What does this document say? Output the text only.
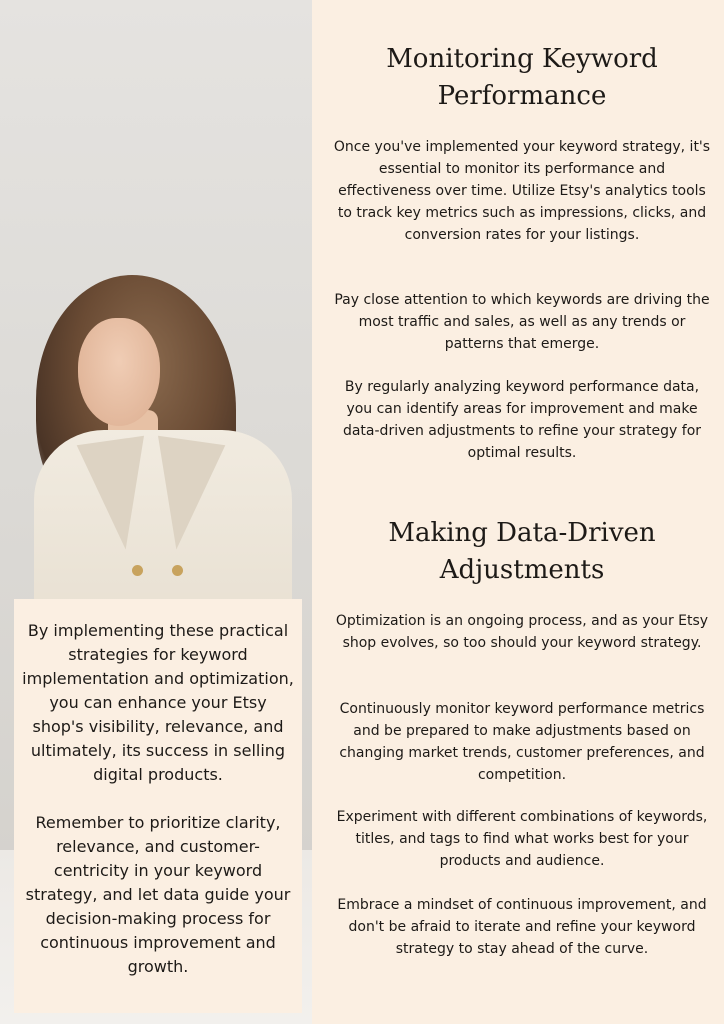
By implementing these practical strategies for keyword implementation and optimization, you can enhance your Etsy shop's visibility, relevance, and ultimately, its success in selling digital products.

Remember to prioritize clarity, relevance, and customer-centricity in your keyword strategy, and let data guide your decision-making process for continuous improvement and growth.

Monitoring Keyword Performance

Once you've implemented your keyword strategy, it's essential to monitor its performance and effectiveness over time. Utilize Etsy's analytics tools to track key metrics such as impressions, clicks, and conversion rates for your listings.

Pay close attention to which keywords are driving the most traffic and sales, as well as any trends or patterns that emerge.

By regularly analyzing keyword performance data, you can identify areas for improvement and make data-driven adjustments to refine your strategy for optimal results.

Making Data-Driven Adjustments

Optimization is an ongoing process, and as your Etsy shop evolves, so too should your keyword strategy.

Continuously monitor keyword performance metrics and be prepared to make adjustments based on changing market trends, customer preferences, and competition.

Experiment with different combinations of keywords, titles, and tags to find what works best for your products and audience.

Embrace a mindset of continuous improvement, and don't be afraid to iterate and refine your keyword strategy to stay ahead of the curve.
